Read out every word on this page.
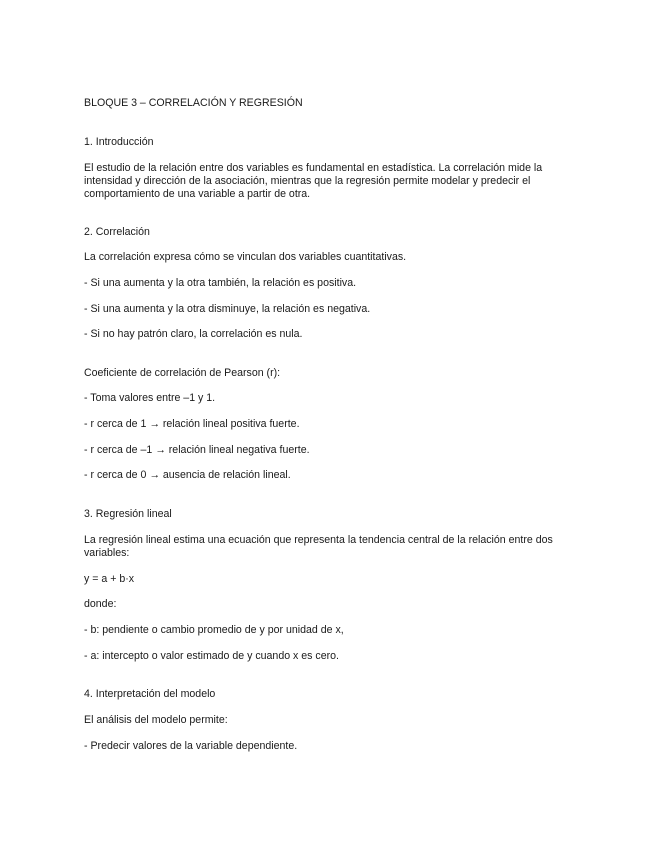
BLOQUE 3 – CORRELACIÓN Y REGRESIÓN
1. Introducción
El estudio de la relación entre dos variables es fundamental en estadística. La correlación mide la
intensidad y dirección de la asociación, mientras que la regresión permite modelar y predecir el
comportamiento de una variable a partir de otra.
2. Correlación
La correlación expresa cómo se vinculan dos variables cuantitativas.
- Si una aumenta y la otra también, la relación es positiva.
- Si una aumenta y la otra disminuye, la relación es negativa.
- Si no hay patrón claro, la correlación es nula.
Coeficiente de correlación de Pearson (r):
- Toma valores entre –1 y 1.
- r cerca de 1 → relación lineal positiva fuerte.
- r cerca de –1 → relación lineal negativa fuerte.
- r cerca de 0 → ausencia de relación lineal.
3. Regresión lineal
La regresión lineal estima una ecuación que representa la tendencia central de la relación entre dos
variables:
y = a + b·x
donde:
- b: pendiente o cambio promedio de y por unidad de x,
- a: intercepto o valor estimado de y cuando x es cero.
4. Interpretación del modelo
El análisis del modelo permite:
- Predecir valores de la variable dependiente.
